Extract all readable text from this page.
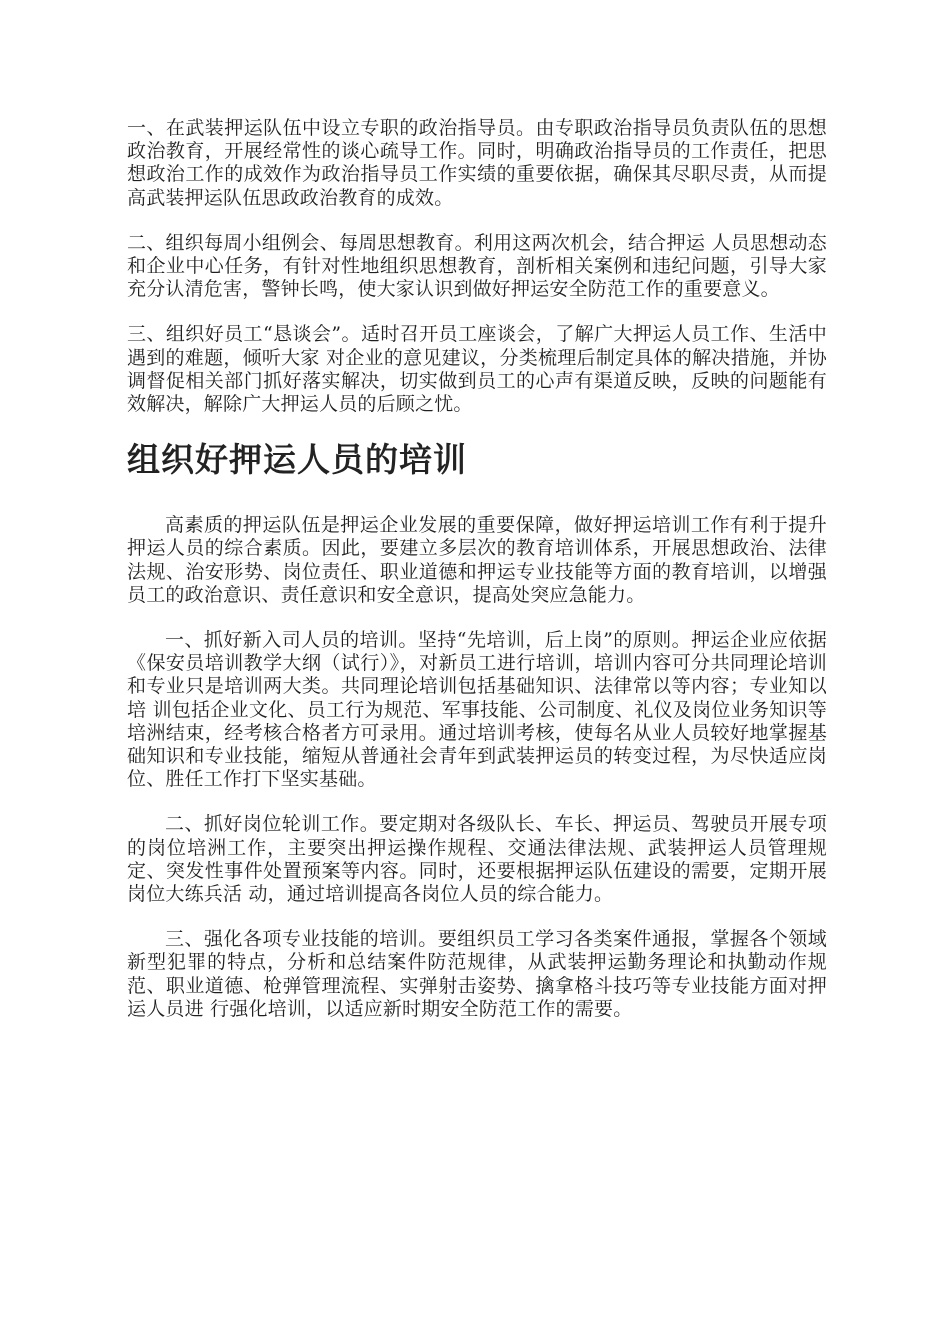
一、在武装押运队伍中设立专职的政治指导员。由专职政治指导员负责队伍的思想政治教育，开展经常性的谈心疏导工作。同时，明确政治指导员的工作责任，把思想政治工作的成效作为政治指导员工作实绩的重要依据，确保其尽职尽责，从而提高武装押运队伍思政政治教育的成效。

二、组织每周小组例会、每周思想教育。利用这两次机会，结合押运 人员思想动态和企业中心任务，有针对性地组织思想教育，剖析相关案例和违纪问题，引导大家充分认清危害，警钟长鸣，使大家认识到做好押运安全防范工作的重要意义。

三、组织好员工“恳谈会”。适时召开员工座谈会，了解广大押运人员工作、生活中遇到的难题，倾听大家 对企业的意见建议，分类梳理后制定具体的解决措施，并协调督促相关部门抓好落实解决，切实做到员工的心声有渠道反映，反映的问题能有效解决，解除广大押运人员的后顾之忧。

组织好押运人员的培训

高素质的押运队伍是押运企业发展的重要保障，做好押运培训工作有利于提升押运人员的综合素质。因此，要建立多层次的教育培训体系，开展思想政治、法律法规、治安形势、岗位责任、职业道德和押运专业技能等方面的教育培训，以增强员工的政治意识、责任意识和安全意识，提高处突应急能力。

一、抓好新入司人员的培训。坚持“先培训，后上岗”的原则。押运企业应依据《保安员培训教学大纲（试行）》，对新员工进行培训，培训内容可分共同理论培训和专业只是培训两大类。共同理论培训包括基础知识、法律常以等内容；专业知以培 训包括企业文化、员工行为规范、军事技能、公司制度、礼仪及岗位业务知识等培洲结束，经考核合格者方可录用。通过培训考核，使每名从业人员较好地掌握基础知识和专业技能，缩短从普通社会青年到武装押运员的转变过程，为尽快适应岗位、胜任工作打下坚实基础。

二、抓好岗位轮训工作。要定期对各级队长、车长、押运员、驾驶员开展专项的岗位培洲工作，主要突出押运操作规程、交通法律法规、武装押运人员管理规定、突发性事件处置预案等内容。同时，还要根据押运队伍建设的需要，定期开展岗位大练兵活 动，通过培训提高各岗位人员的综合能力。

三、强化各项专业技能的培训。要组织员工学习各类案件通报，掌握各个领域新型犯罪的特点，分析和总结案件防范规律，从武装押运勤务理论和执勤动作规范、职业道德、枪弹管理流程、实弹射击姿势、擒拿格斗技巧等专业技能方面对押运人员进 行强化培训，以适应新时期安全防范工作的需要。
